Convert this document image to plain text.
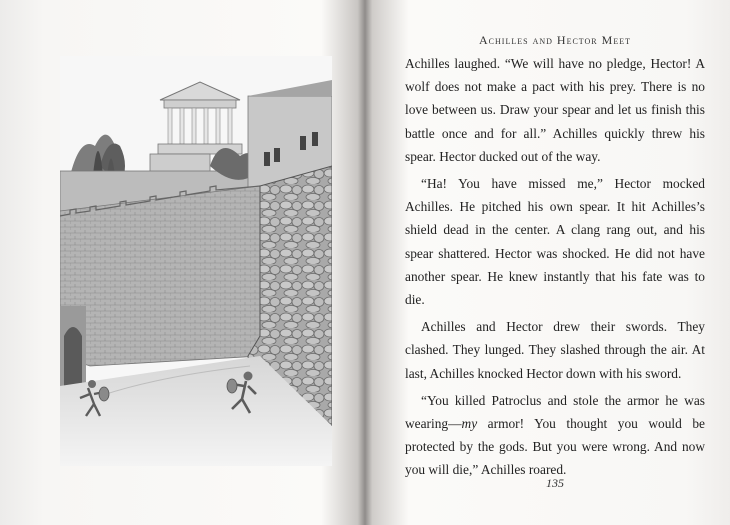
Achilles and Hector Meet

Achilles laughed. “We will have no pledge, Hector! A wolf does not make a pact with his prey. There is no love between us. Draw your spear and let us finish this battle once and for all.” Achilles quickly threw his spear. Hector ducked out of the way.

“Ha! You have missed me,” Hector mocked Achilles. He pitched his own spear. It hit Achilles’s shield dead in the center. A clang rang out, and his spear shattered. Hector was shocked. He did not have another spear. He knew instantly that his fate was to die.

Achilles and Hector drew their swords. They clashed. They lunged. They slashed through the air. At last, Achilles knocked Hector down with his sword.

“You killed Patroclus and stole the armor he was wearing—my armor! You thought you would be protected by the gods. But you were wrong. And now you will die,” Achilles roared.

135
